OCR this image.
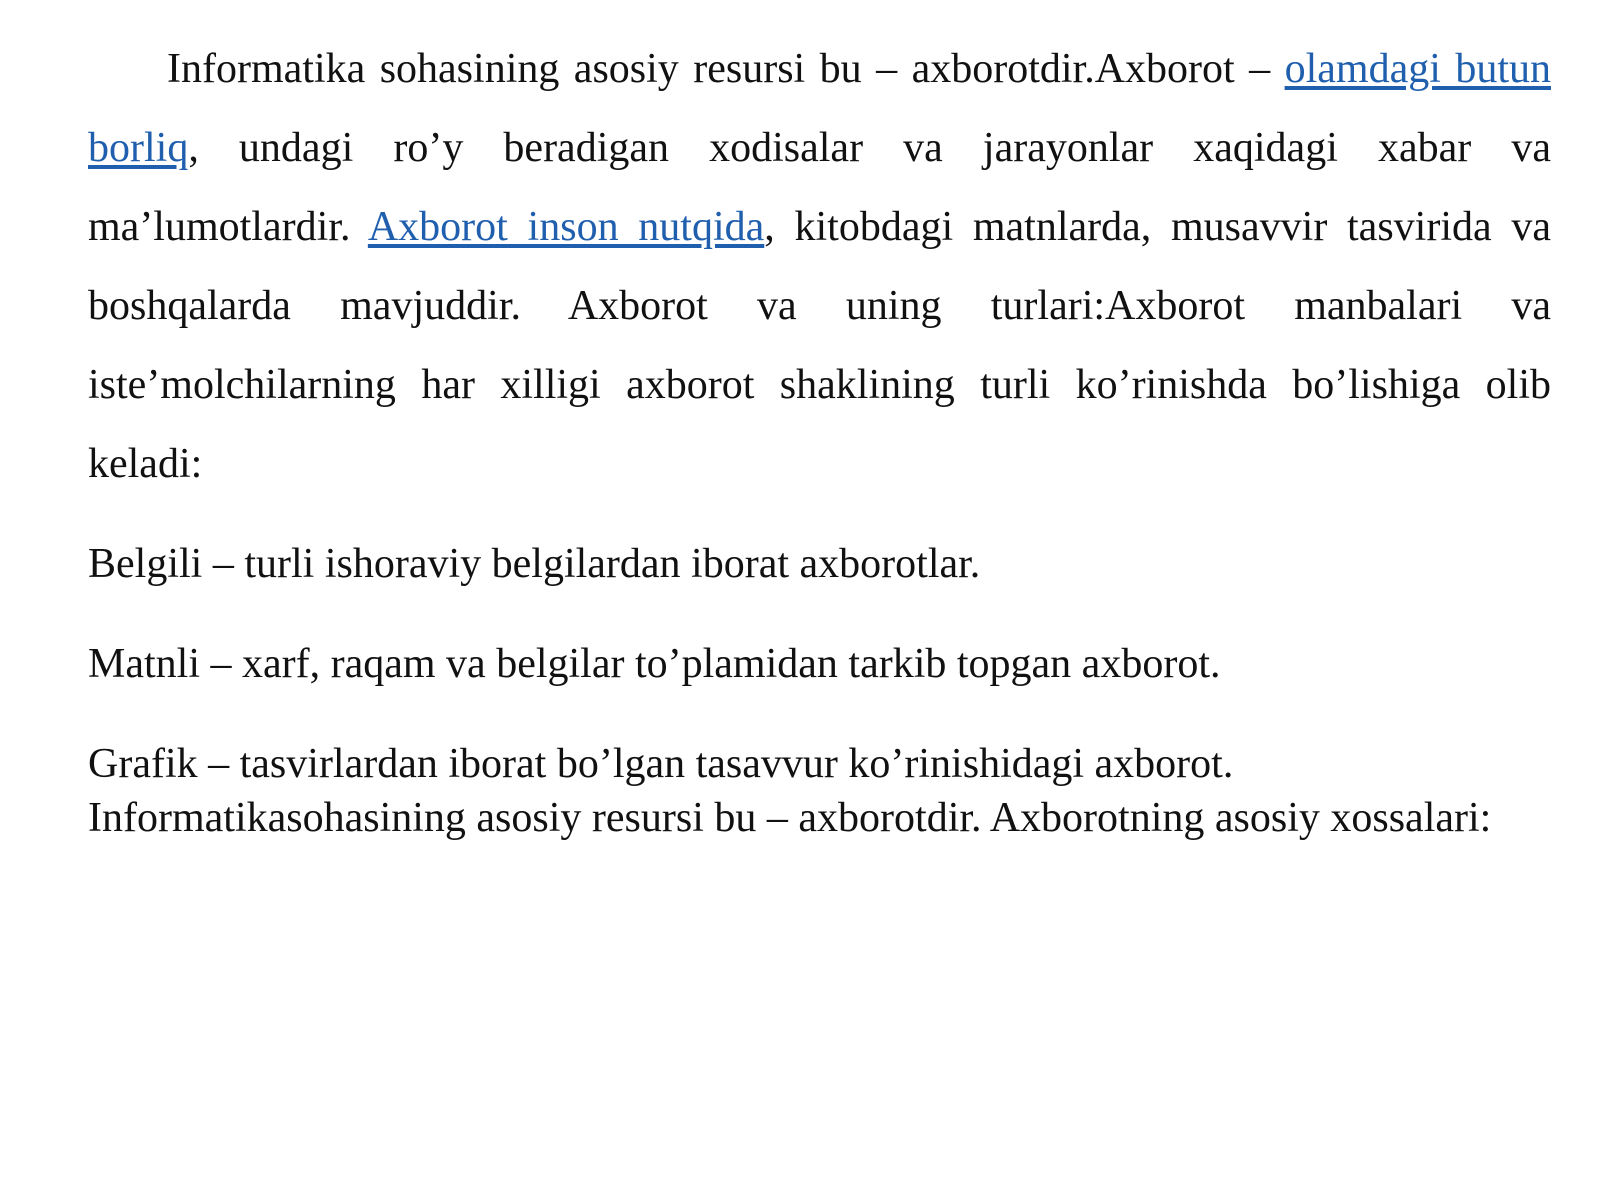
Informatika sohasining asosiy resursi bu – axborotdir.Axborot – olamdagi butun borliq, undagi ro’y beradigan xodisalar va jarayonlar xaqidagi xabar va ma’lumotlardir. Axborot inson nutqida, kitobdagi matnlarda, musavvir tasvirida va boshqalarda mavjuddir. Axborot va uning turlari:Axborot manbalari va iste’molchilarning har xilligi axborot shaklining turli ko’rinishda bo’lishiga olib keladi:

Belgili – turli ishoraviy belgilardan iborat axborotlar.

Matnli – xarf, raqam va belgilar to’plamidan tarkib topgan axborot.

Grafik – tasvirlardan iborat bo’lgan tasavvur ko’rinishidagi axborot.

Informatikasohasining asosiy resursi bu – axborotdir. Axborotning asosiy xossalari:
